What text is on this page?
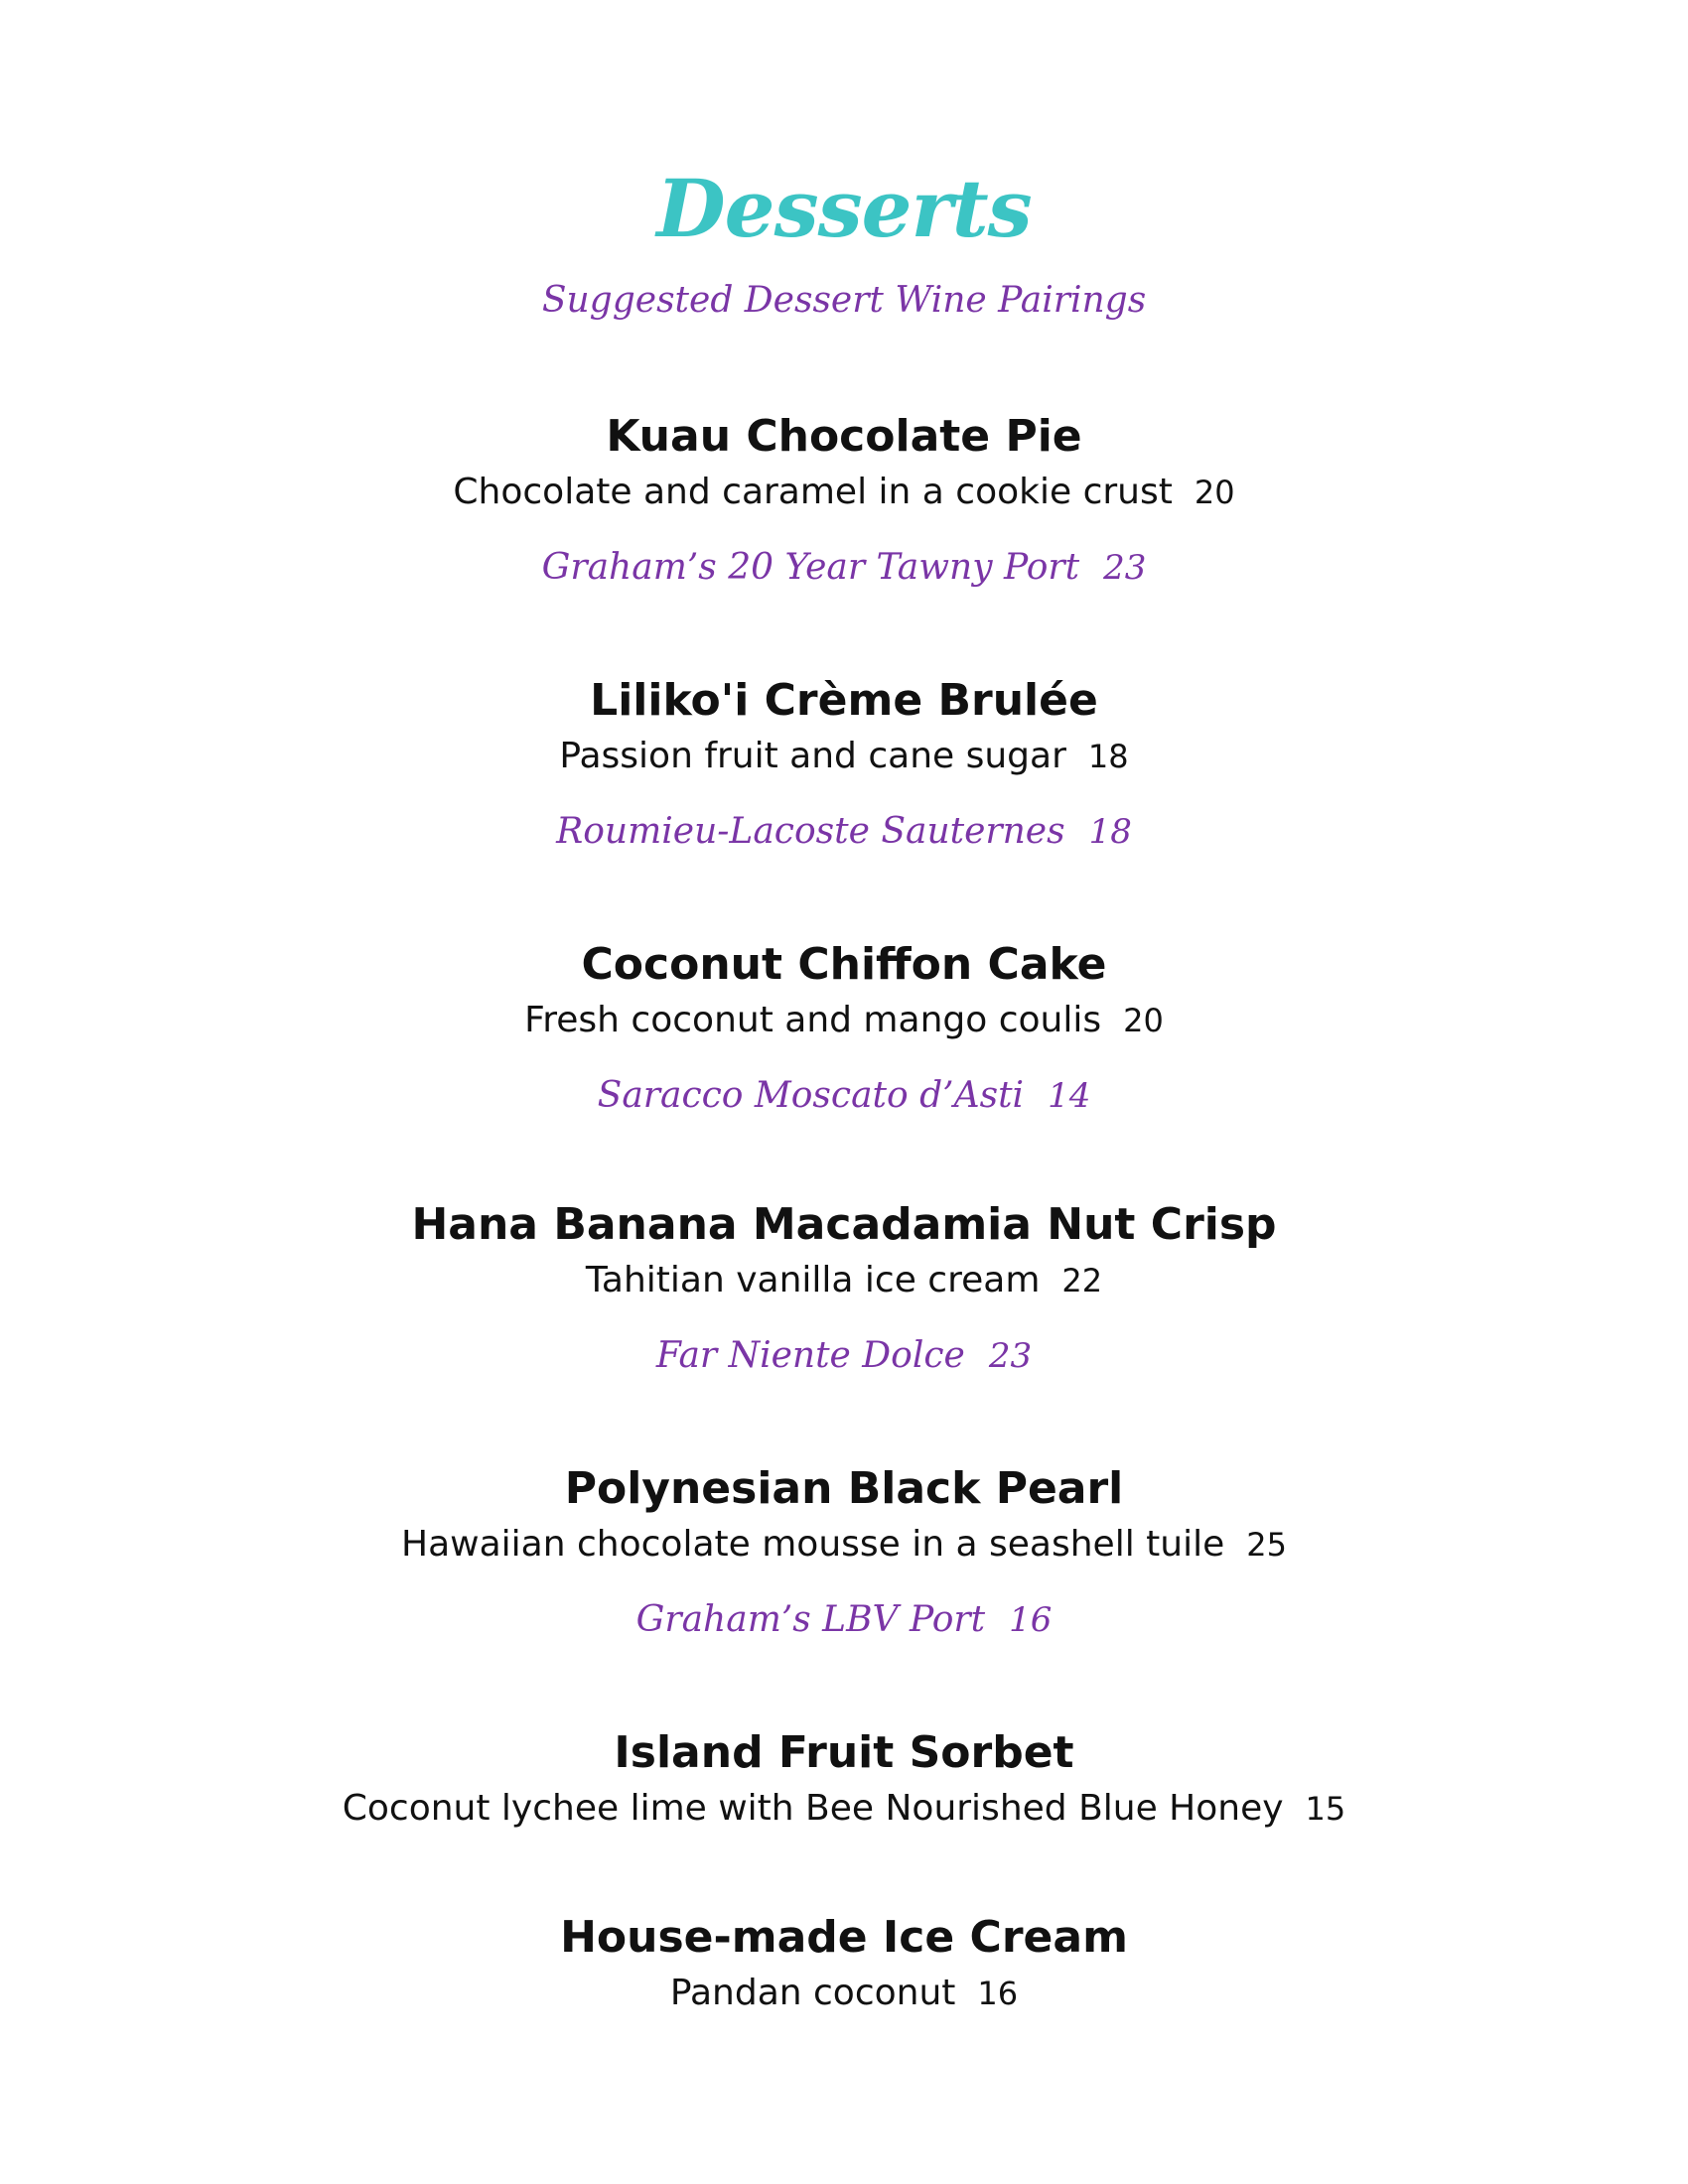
Desserts
Suggested Dessert Wine Pairings
Kuau Chocolate Pie
Chocolate and caramel in a cookie crust 20
Graham’s 20 Year Tawny Port 23
Liliko'i Crème Brulée
Passion fruit and cane sugar 18
Roumieu-Lacoste Sauternes 18
Coconut Chiffon Cake
Fresh coconut and mango coulis 20
Saracco Moscato d’Asti 14
Hana Banana Macadamia Nut Crisp
Tahitian vanilla ice cream 22
Far Niente Dolce 23
Polynesian Black Pearl
Hawaiian chocolate mousse in a seashell tuile 25
Graham’s LBV Port 16
Island Fruit Sorbet
Coconut lychee lime with Bee Nourished Blue Honey 15
House-made Ice Cream
Pandan coconut 16
